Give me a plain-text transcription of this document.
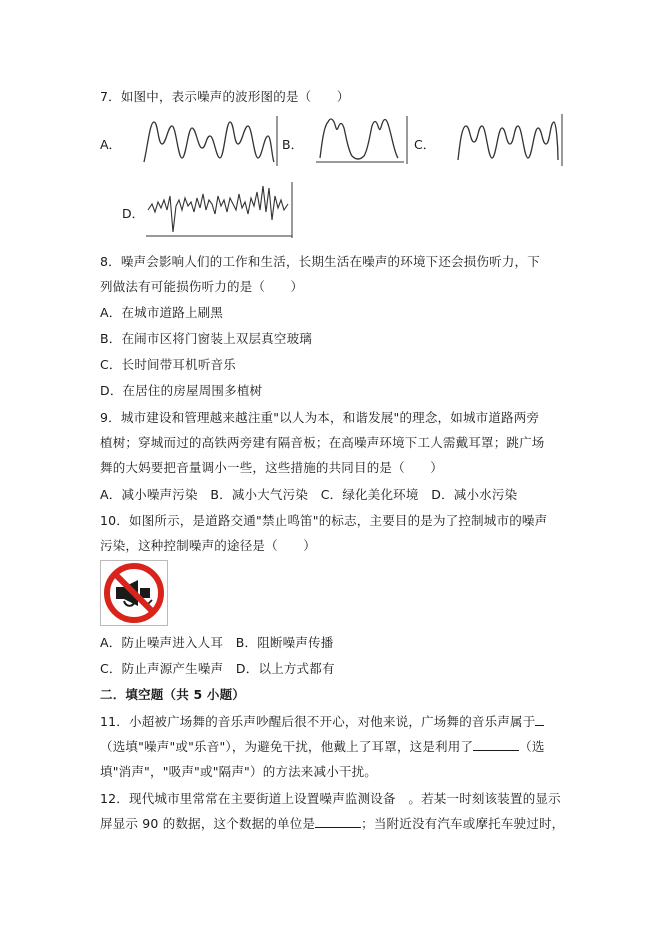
7．如图中，表示噪声的波形图的是（　　）
A．	B．	C．
D．
8．噪声会影响人们的工作和生活，长期生活在噪声的环境下还会损伤听力，下
列做法有可能损伤听力的是（　　）
A．在城市道路上刷黑
B．在闹市区将门窗装上双层真空玻璃
C．长时间带耳机听音乐
D．在居住的房屋周围多植树
9．城市建设和管理越来越注重"以人为本，和谐发展"的理念，如城市道路两旁
植树；穿城而过的高铁两旁建有隔音板；在高噪声环境下工人需戴耳罩；跳广场
舞的大妈要把音量调小一些，这些措施的共同目的是（　　）
A．减小噪声污染　B．减小大气污染　C．绿化美化环境　D．减小水污染
10．如图所示，是道路交通"禁止鸣笛"的标志，主要目的是为了控制城市的噪声
污染，这种控制噪声的途径是（　　）
A．防止噪声进入人耳　B．阻断噪声传播
C．防止声源产生噪声　D．以上方式都有
二．填空题（共 5 小题）
11．小超被广场舞的音乐声吵醒后很不开心，对他来说，广场舞的音乐声属于
（选填"噪声"或"乐音"），为避免干扰，他戴上了耳罩，这是利用了	（选
填"消声"，"吸声"或"隔声"）的方法来减小干扰。
12．现代城市里常常在主要街道上设置噪声监测设备　。若某一时刻该装置的显示
屏显示 90 的数据，这个数据的单位是	；当附近没有汽车或摩托车驶过时，
